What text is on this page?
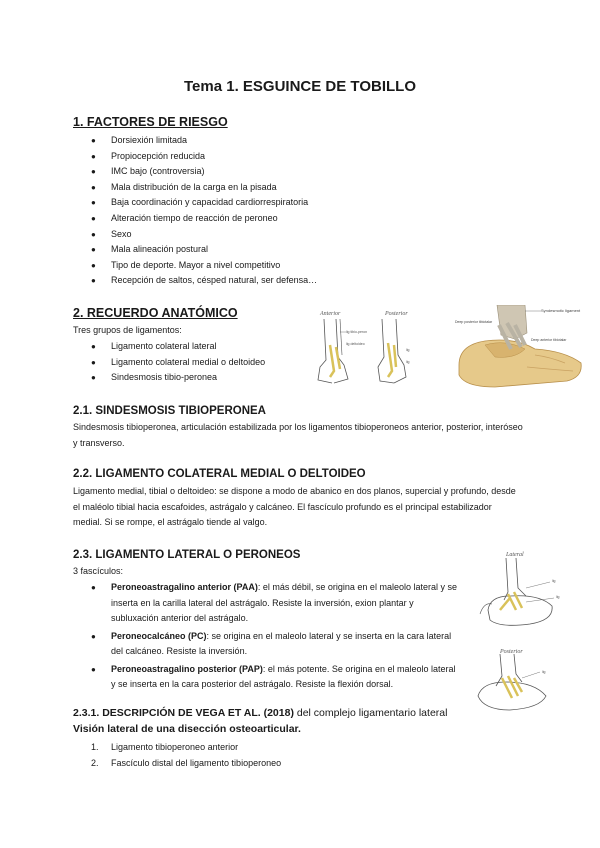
Tema 1. ESGUINCE DE TOBILLO
1. FACTORES DE RIESGO
● Dorsiexión limitada
● Propiocepción reducida
● IMC bajo (controversia)
● Mala distribución de la carga en la pisada
● Baja coordinación y capacidad cardiorrespiratoria
● Alteración tiempo de reacción de peroneo
● Sexo
● Mala alineación postural
● Tipo de deporte. Mayor a nivel competitivo
● Recepción de saltos, césped natural, ser defensa…
2. RECUERDO ANATÓMICO
Tres grupos de ligamentos:
● Ligamento colateral lateral
● Ligamento colateral medial o deltoideo
● Sindesmosis tibio-peronea
Anterior	Posterior
lig tibio-peron
lig deltoideo
lig
lig
Syndesmotic ligament
Deep posterior tibiotalar
Deep anterior tibiotalar
2.1. SINDESMOSIS TIBIOPERONEA
Sindesmosis tibioperonea, articulación estabilizada por los ligamentos tibioperoneos anterior, posterior, interóseo y transverso.
2.2. LIGAMENTO COLATERAL MEDIAL O DELTOIDEO
Ligamento medial, tibial o deltoideo: se dispone a modo de abanico en dos planos, supercial y profundo, desde el maléolo tibial hacia escafoides, astrágalo y calcáneo. El fascículo profundo es el principal estabilizador medial. Si se rompe, el astrágalo tiende al valgo.
2.3. LIGAMENTO LATERAL O PERONEOS
3 fascículos:
● Peroneoastragalino anterior (PAA): el más débil, se origina en el maleolo lateral y se inserta en la carilla lateral del astrágalo. Resiste la inversión, exion plantar y subluxación anterior del astrágalo.
● Peroneocalcáneo (PC): se origina en el maleolo lateral y se inserta en la cara lateral del calcáneo. Resiste la inversión.
● Peroneoastragalino posterior (PAP): el más potente. Se origina en el maleolo lateral y se inserta en la cara posterior del astrágalo. Resiste la flexión dorsal.
Lateral
lig
lig
Posterior
lig
2.3.1. DESCRIPCIÓN DE VEGA ET AL. (2018) del complejo ligamentario lateral
Visión lateral de una disección osteoarticular.
1. Ligamento tibioperoneo anterior
2. Fascículo distal del ligamento tibioperoneo
